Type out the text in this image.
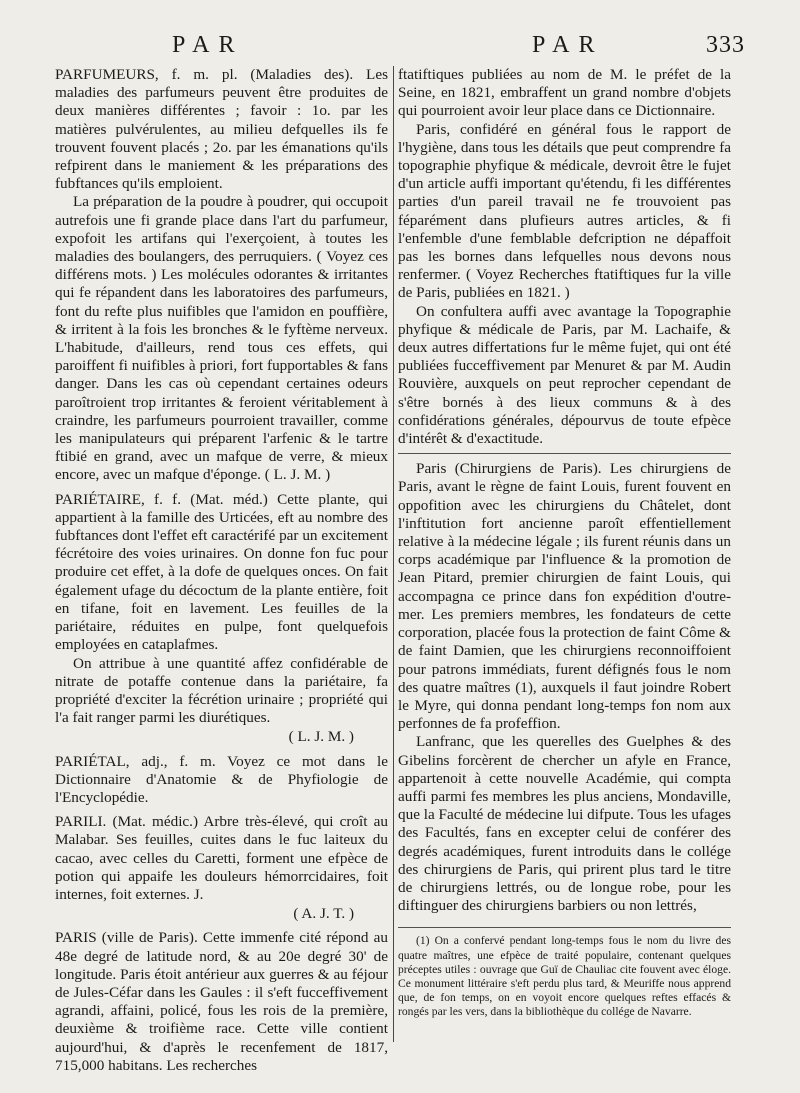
PAR	PAR	333

PARFUMEURS, f. m. pl. (Maladies des). Les maladies des parfumeurs peuvent être produites de deux manières différentes ; favoir : 1o. par les matières pulvérulentes, au milieu defquelles ils fe trouvent fouvent placés ; 2o. par les émanations qu'ils refpirent dans le maniement & les préparations des fubftances qu'ils emploient.

La préparation de la poudre à poudrer, qui occupoit autrefois une fi grande place dans l'art du parfumeur, expofoit les artifans qui l'exerçoient, à toutes les maladies des boulangers, des perruquiers. ( Voyez ces différens mots. ) Les molécules odorantes & irritantes qui fe répandent dans les laboratoires des parfumeurs, font du refte plus nuifibles que l'amidon en pouffière, & irritent à la fois les bronches & le fyftème nerveux. L'habitude, d'ailleurs, rend tous ces effets, qui paroiffent fi nuifibles à priori, fort fupportables & fans danger. Dans les cas où cependant certaines odeurs paroîtroient trop irritantes & feroient véritablement à craindre, les parfumeurs pourroient travailler, comme les manipulateurs qui préparent l'arfenic & le tartre ftibié en grand, avec un mafque de verre, & mieux encore, avec un mafque d'éponge. ( L. J. M. )

PARIÉTAIRE, f. f. (Mat. méd.) Cette plante, qui appartient à la famille des Urticées, eft au nombre des fubftances dont l'effet eft caractérifé par un excitement fécrétoire des voies urinaires. On donne fon fuc pour produire cet effet, à la dofe de quelques onces. On fait également ufage du décoctum de la plante entière, foit en tifane, foit en lavement. Les feuilles de la pariétaire, réduites en pulpe, font quelquefois employées en cataplafmes.

On attribue à une quantité affez confidérable de nitrate de potaffe contenue dans la pariétaire, fa propriété d'exciter la fécrétion urinaire ; propriété qui l'a fait ranger parmi les diurétiques.

( L. J. M. )

PARIÉTAL, adj., f. m. Voyez ce mot dans le Dictionnaire d'Anatomie & de Phyfiologie de l'Encyclopédie.

PARILI. (Mat. médic.) Arbre très-élevé, qui croît au Malabar. Ses feuilles, cuites dans le fuc laiteux du cacao, avec celles du Caretti, forment une efpèce de potion qui appaife les douleurs hémorrcidaires, foit internes, foit externes. J.

( A. J. T. )

PARIS (ville de Paris). Cette immenfe cité répond au 48e degré de latitude nord, & au 20e degré 30' de longitude. Paris étoit antérieur aux guerres & au féjour de Jules-Céfar dans les Gaules : il s'eft fucceffivement agrandi, affaini, policé, fous les rois de la première, deuxième & troifième race. Cette ville contient aujourd'hui, & d'après le recenfement de 1817, 715,000 habitans. Les recherches

ftatiftiques publiées au nom de M. le préfet de la Seine, en 1821, embraffent un grand nombre d'objets qui pourroient avoir leur place dans ce Dictionnaire.

Paris, confidéré en général fous le rapport de l'hygiène, dans tous les détails que peut comprendre fa topographie phyfique & médicale, devroit être le fujet d'un article auffi important qu'étendu, fi les différentes parties d'un pareil travail ne fe trouvoient pas féparément dans plufieurs autres articles, & fi l'enfemble d'une femblable defcription ne dépaffoit pas les bornes dans lefquelles nous devons nous renfermer. ( Voyez Recherches ftatiftiques fur la ville de Paris, publiées en 1821. )

On confultera auffi avec avantage la Topographie phyfique & médicale de Paris, par M. Lachaife, & deux autres differtations fur le même fujet, qui ont été publiées fucceffivement par Menuret & par M. Audin Rouvière, auxquels on peut reprocher cependant de s'être bornés à des lieux communs & à des confidérations générales, dépourvus de toute efpèce d'intérêt & d'exactitude.

Paris (Chirurgiens de Paris). Les chirurgiens de Paris, avant le règne de faint Louis, furent fouvent en oppofition avec les chirurgiens du Châtelet, dont l'inftitution fort ancienne paroît effentiellement relative à la médecine légale ; ils furent réunis dans un corps académique par l'influence & la promotion de Jean Pitard, premier chirurgien de faint Louis, qui accompagna ce prince dans fon expédition d'outre-mer. Les premiers membres, les fondateurs de cette corporation, placée fous la protection de faint Côme & de faint Damien, que les chirurgiens reconnoiffoient pour patrons immédiats, furent défignés fous le nom des quatre maîtres (1), auxquels il faut joindre Robert le Myre, qui donna pendant long-temps fon nom aux perfonnes de fa profeffion.

Lanfranc, que les querelles des Guelphes & des Gibelins forcèrent de chercher un afyle en France, appartenoit à cette nouvelle Académie, qui compta auffi parmi fes membres les plus anciens, Mondaville, que la Faculté de médecine lui difpute. Tous les ufages des Facultés, fans en excepter celui de conférer des degrés académiques, furent introduits dans le collége des chirurgiens de Paris, qui prirent plus tard le titre de chirurgiens lettrés, ou de longue robe, pour les diftinguer des chirurgiens barbiers ou non lettrés,

(1) On a confervé pendant long-temps fous le nom du livre des quatre maîtres, une efpèce de traité populaire, contenant quelques préceptes utiles : ouvrage que Guï de Chauliac cite fouvent avec éloge. Ce monument littéraire s'eft perdu plus tard, & Meuriffe nous apprend que, de fon temps, on en voyoit encore quelques reftes effacés & rongés par les vers, dans la bibliothèque du collége de Navarre.
